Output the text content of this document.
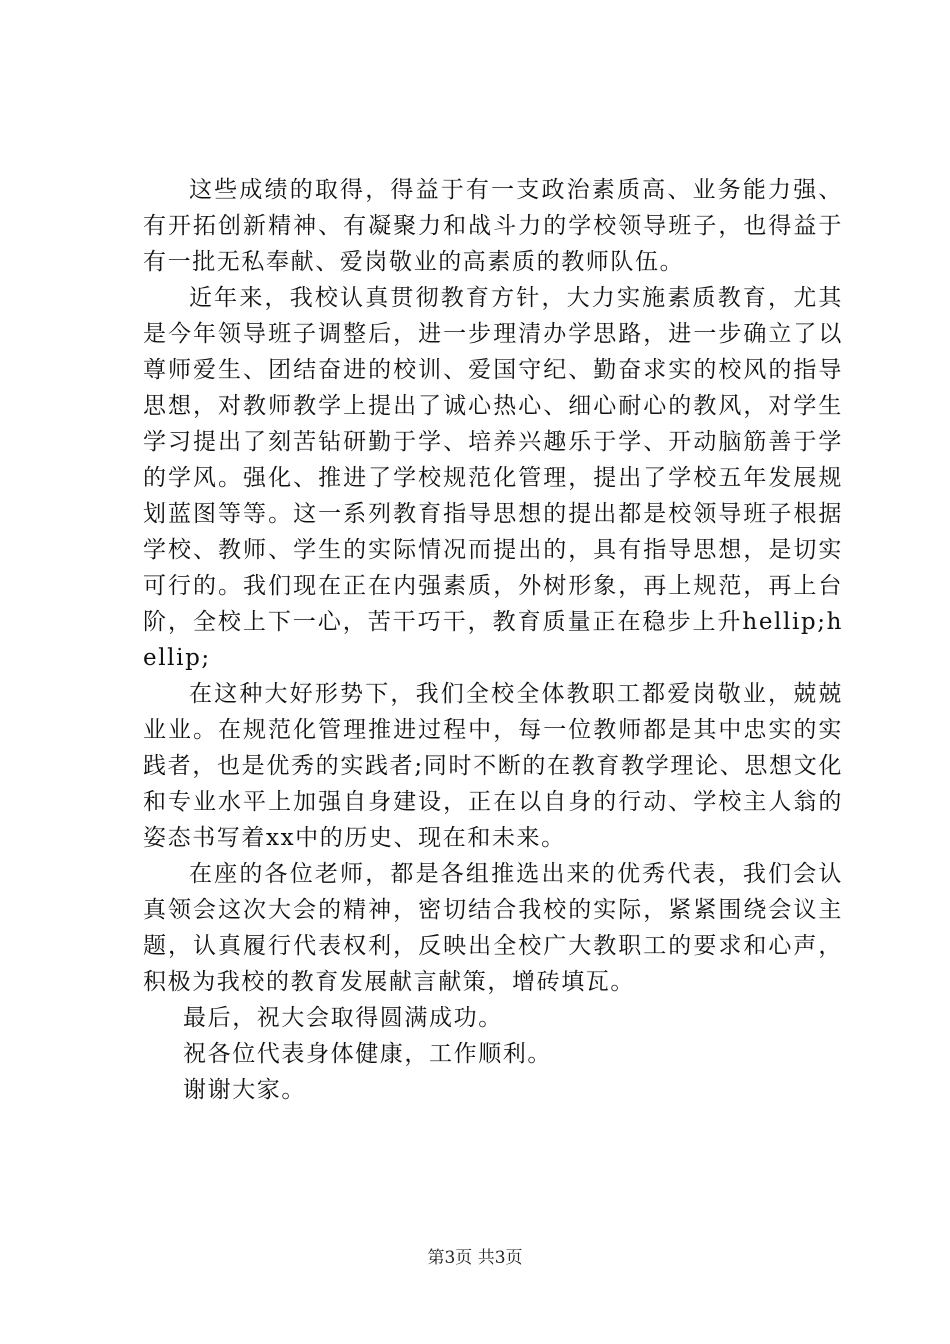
这些成绩的取得，得益于有一支政治素质高、业务能力强、有开拓创新精神、有凝聚力和战斗力的学校领导班子，也得益于有一批无私奉献、爱岗敬业的高素质的教师队伍。

近年来，我校认真贯彻教育方针，大力实施素质教育，尤其是今年领导班子调整后，进一步理清办学思路，进一步确立了以尊师爱生、团结奋进的校训、爱国守纪、勤奋求实的校风的指导思想，对教师教学上提出了诚心热心、细心耐心的教风，对学生学习提出了刻苦钻研勤于学、培养兴趣乐于学、开动脑筋善于学的学风。强化、推进了学校规范化管理，提出了学校五年发展规划蓝图等等。这一系列教育指导思想的提出都是校领导班子根据学校、教师、学生的实际情况而提出的，具有指导思想，是切实可行的。我们现在正在内强素质，外树形象，再上规范，再上台阶，全校上下一心，苦干巧干，教育质量正在稳步上升hellip;hellip;

在这种大好形势下，我们全校全体教职工都爱岗敬业，兢兢业业。在规范化管理推进过程中，每一位教师都是其中忠实的实践者，也是优秀的实践者;同时不断的在教育教学理论、思想文化和专业水平上加强自身建设，正在以自身的行动、学校主人翁的姿态书写着xx中的历史、现在和未来。

在座的各位老师，都是各组推选出来的优秀代表，我们会认真领会这次大会的精神，密切结合我校的实际，紧紧围绕会议主题，认真履行代表权利，反映出全校广大教职工的要求和心声，积极为我校的教育发展献言献策，增砖填瓦。

最后，祝大会取得圆满成功。

祝各位代表身体健康，工作顺利。

谢谢大家。

第3页 共3页
